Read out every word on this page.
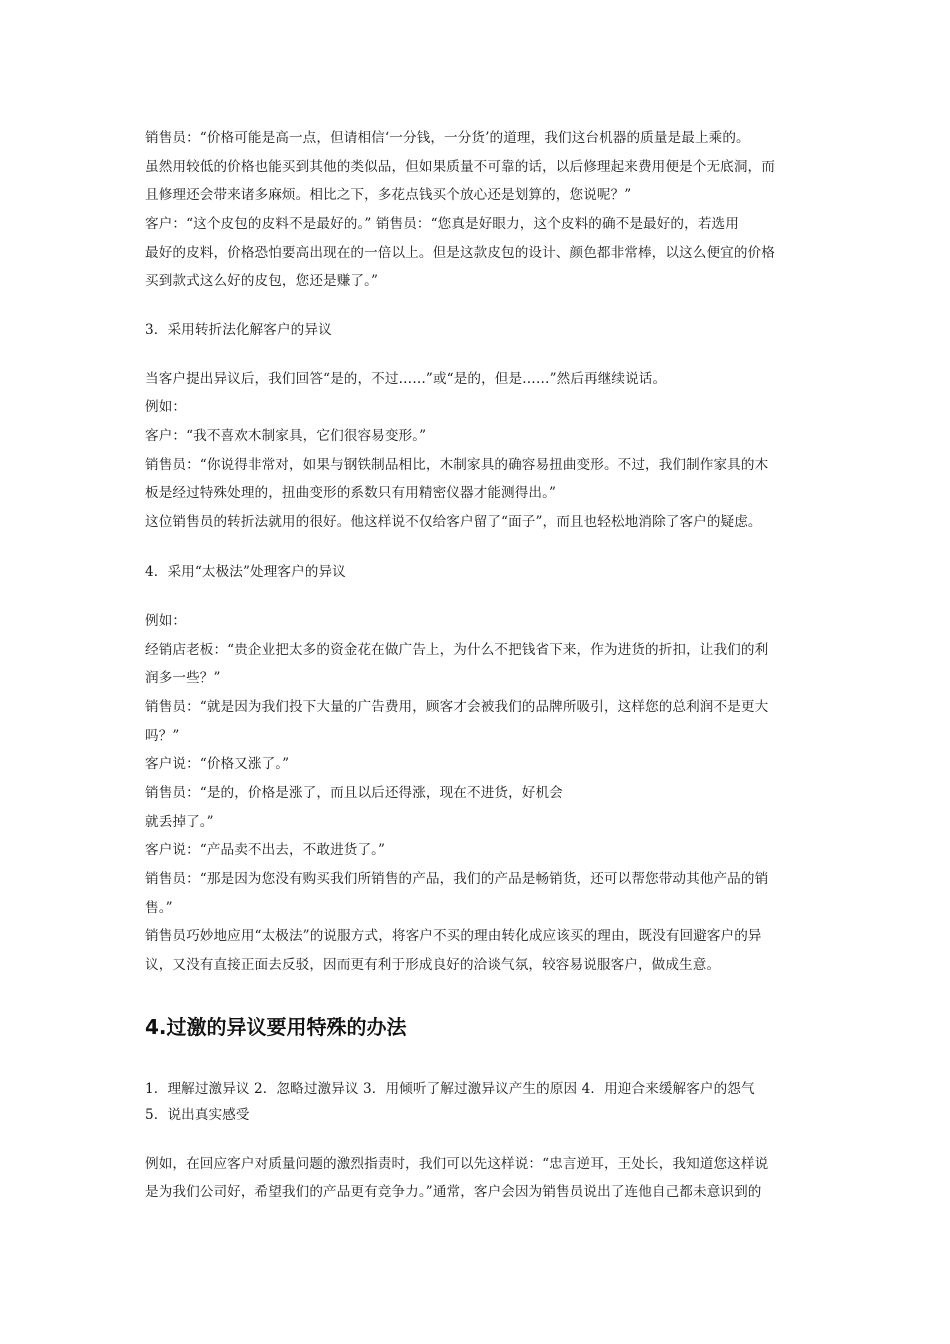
销售员：“价格可能是高一点，但请相信‘一分钱，一分货’的道理，我们这台机器的质量是最上乘的。
虽然用较低的价格也能买到其他的类似品，但如果质量不可靠的话，以后修理起来费用便是个无底洞，而
且修理还会带来诸多麻烦。相比之下，多花点钱买个放心还是划算的，您说呢？”
客户：“这个皮包的皮料不是最好的。” 销售员：“您真是好眼力，这个皮料的确不是最好的，若选用
最好的皮料，价格恐怕要高出现在的一倍以上。但是这款皮包的设计、颜色都非常棒，以这么便宜的价格
买到款式这么好的皮包，您还是赚了。”
3．采用转折法化解客户的异议
当客户提出异议后，我们回答“是的，不过……”或“是的，但是……”然后再继续说话。
例如：
客户：“我不喜欢木制家具，它们很容易变形。”
销售员：“你说得非常对，如果与钢铁制品相比，木制家具的确容易扭曲变形。不过，我们制作家具的木
板是经过特殊处理的，扭曲变形的系数只有用精密仪器才能测得出。”
这位销售员的转折法就用的很好。他这样说不仅给客户留了“面子”，而且也轻松地消除了客户的疑虑。
4．采用“太极法”处理客户的异议
例如：
经销店老板：“贵企业把太多的资金花在做广告上，为什么不把钱省下来，作为进货的折扣，让我们的利
润多一些？”
销售员：“就是因为我们投下大量的广告费用，顾客才会被我们的品牌所吸引，这样您的总利润不是更大
吗？”
客户说：“价格又涨了。”
销售员：“是的，价格是涨了，而且以后还得涨，现在不进货，好机会
就丢掉了。”
客户说：“产品卖不出去，不敢进货了。”
销售员：“那是因为您没有购买我们所销售的产品，我们的产品是畅销货，还可以帮您带动其他产品的销
售。”
销售员巧妙地应用“太极法”的说服方式，将客户不买的理由转化成应该买的理由，既没有回避客户的异
议，又没有直接正面去反驳，因而更有利于形成良好的洽谈气氛，较容易说服客户，做成生意。
4.过激的异议要用特殊的办法
1．理解过激异议 2．忽略过激异议 3．用倾听了解过激异议产生的原因 4．用迎合来缓解客户的怨气
5．说出真实感受
例如，在回应客户对质量问题的激烈指责时，我们可以先这样说：“忠言逆耳，王处长，我知道您这样说
是为我们公司好，希望我们的产品更有竞争力。”通常，客户会因为销售员说出了连他自己都未意识到的
